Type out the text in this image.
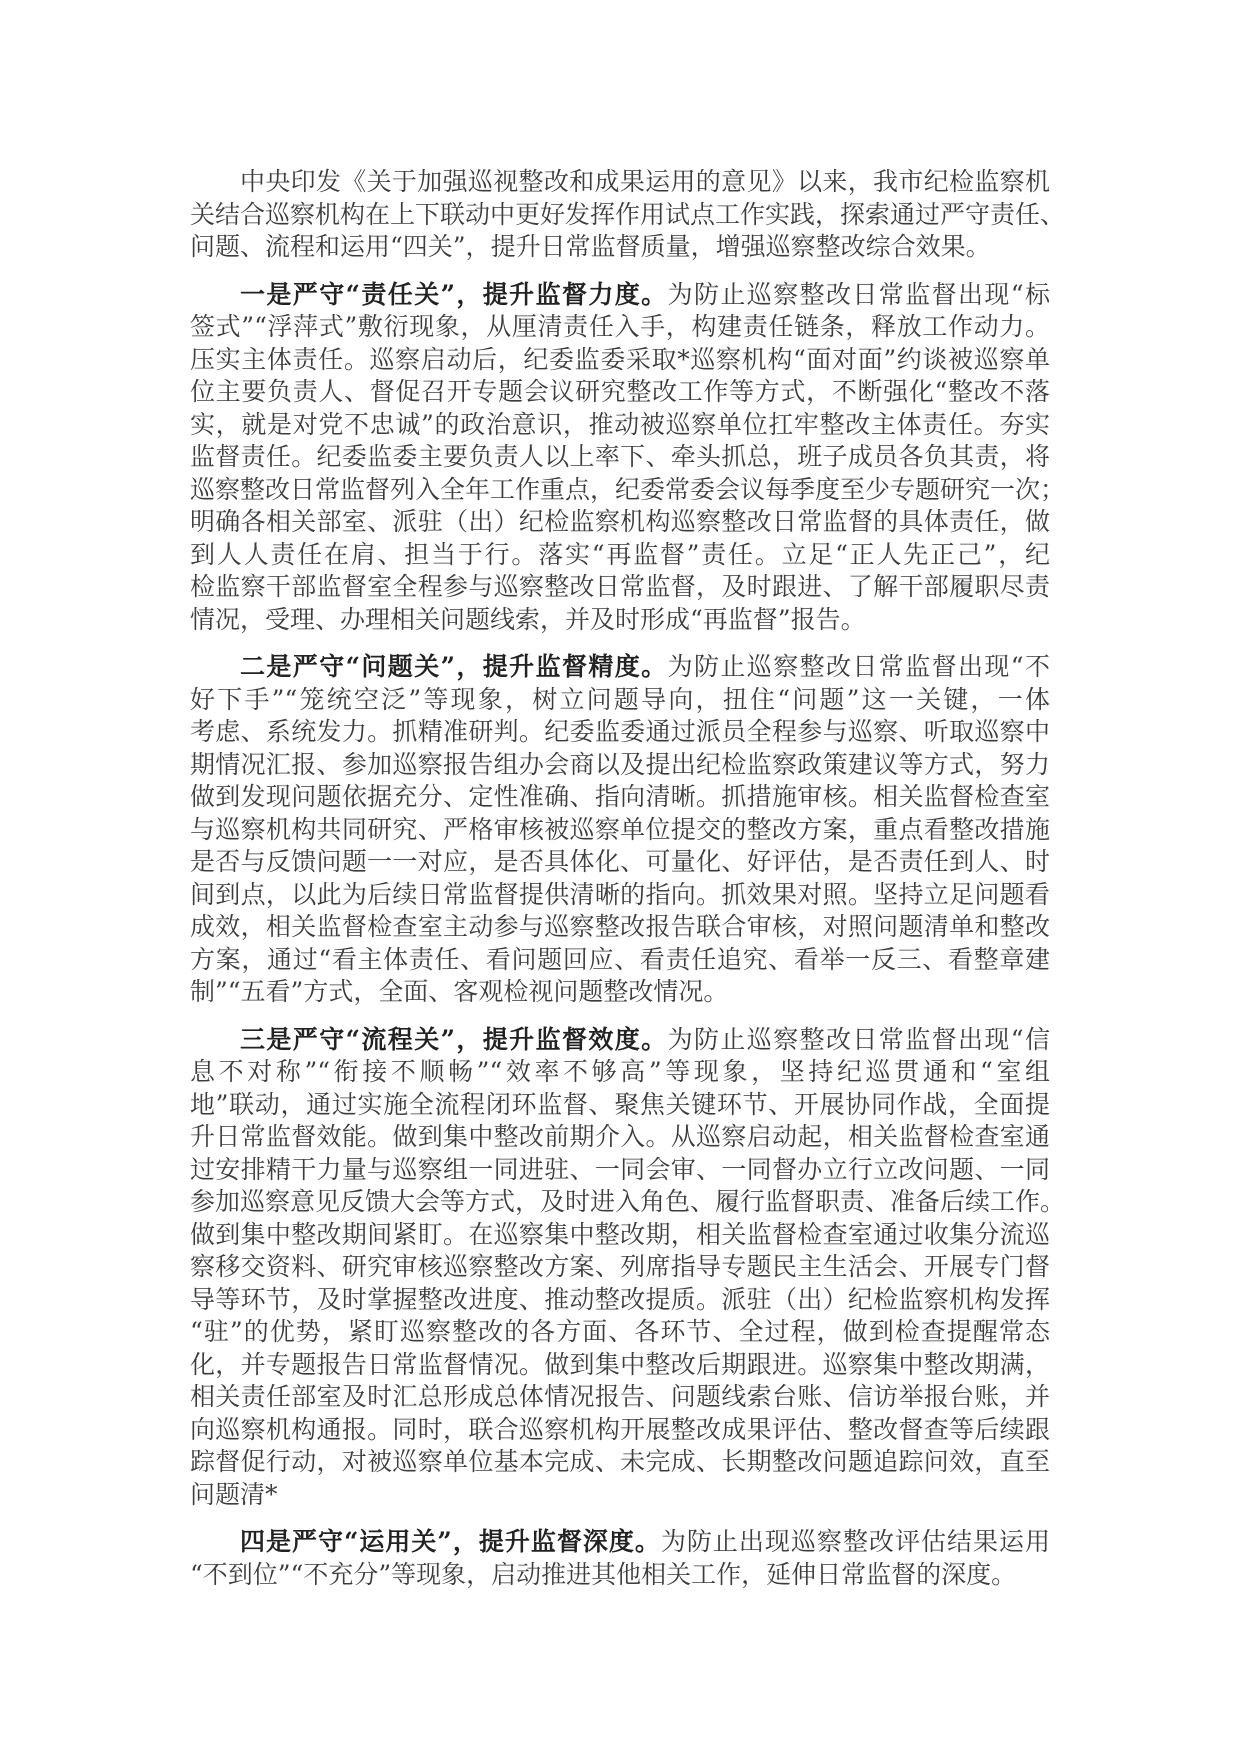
中央印发《关于加强巡视整改和成果运用的意见》以来，我市纪检监察机
关结合巡察机构在上下联动中更好发挥作用试点工作实践，探索通过严守责任、
问题、流程和运用“四关”，提升日常监督质量，增强巡察整改综合效果。
一是严守“责任关”，提升监督力度。为防止巡察整改日常监督出现“标
签式”“浮萍式”敷衍现象，从厘清责任入手，构建责任链条，释放工作动力。
压实主体责任。巡察启动后，纪委监委采取*巡察机构“面对面”约谈被巡察单
位主要负责人、督促召开专题会议研究整改工作等方式，不断强化“整改不落
实，就是对党不忠诚”的政治意识，推动被巡察单位扛牢整改主体责任。夯实
监督责任。纪委监委主要负责人以上率下、牵头抓总，班子成员各负其责，将
巡察整改日常监督列入全年工作重点，纪委常委会议每季度至少专题研究一次；
明确各相关部室、派驻（出）纪检监察机构巡察整改日常监督的具体责任，做
到人人责任在肩、担当于行。落实“再监督”责任。立足“正人先正己”，纪
检监察干部监督室全程参与巡察整改日常监督，及时跟进、了解干部履职尽责
情况，受理、办理相关问题线索，并及时形成“再监督”报告。
二是严守“问题关”，提升监督精度。为防止巡察整改日常监督出现“不
好下手”“笼统空泛”等现象，树立问题导向，扭住“问题”这一关键，一体
考虑、系统发力。抓精准研判。纪委监委通过派员全程参与巡察、听取巡察中
期情况汇报、参加巡察报告组办会商以及提出纪检监察政策建议等方式，努力
做到发现问题依据充分、定性准确、指向清晰。抓措施审核。相关监督检查室
与巡察机构共同研究、严格审核被巡察单位提交的整改方案，重点看整改措施
是否与反馈问题一一对应，是否具体化、可量化、好评估，是否责任到人、时
间到点，以此为后续日常监督提供清晰的指向。抓效果对照。坚持立足问题看
成效，相关监督检查室主动参与巡察整改报告联合审核，对照问题清单和整改
方案，通过“看主体责任、看问题回应、看责任追究、看举一反三、看整章建
制”“五看”方式，全面、客观检视问题整改情况。
三是严守“流程关”，提升监督效度。为防止巡察整改日常监督出现“信
息不对称”“衔接不顺畅”“效率不够高”等现象，坚持纪巡贯通和“室组
地”联动，通过实施全流程闭环监督、聚焦关键环节、开展协同作战，全面提
升日常监督效能。做到集中整改前期介入。从巡察启动起，相关监督检查室通
过安排精干力量与巡察组一同进驻、一同会审、一同督办立行立改问题、一同
参加巡察意见反馈大会等方式，及时进入角色、履行监督职责、准备后续工作。
做到集中整改期间紧盯。在巡察集中整改期，相关监督检查室通过收集分流巡
察移交资料、研究审核巡察整改方案、列席指导专题民主生活会、开展专门督
导等环节，及时掌握整改进度、推动整改提质。派驻（出）纪检监察机构发挥
“驻”的优势，紧盯巡察整改的各方面、各环节、全过程，做到检查提醒常态
化，并专题报告日常监督情况。做到集中整改后期跟进。巡察集中整改期满，
相关责任部室及时汇总形成总体情况报告、问题线索台账、信访举报台账，并
向巡察机构通报。同时，联合巡察机构开展整改成果评估、整改督查等后续跟
踪督促行动，对被巡察单位基本完成、未完成、长期整改问题追踪问效，直至
问题清*
四是严守“运用关”，提升监督深度。为防止出现巡察整改评估结果运用
“不到位”“不充分”等现象，启动推进其他相关工作，延伸日常监督的深度。
